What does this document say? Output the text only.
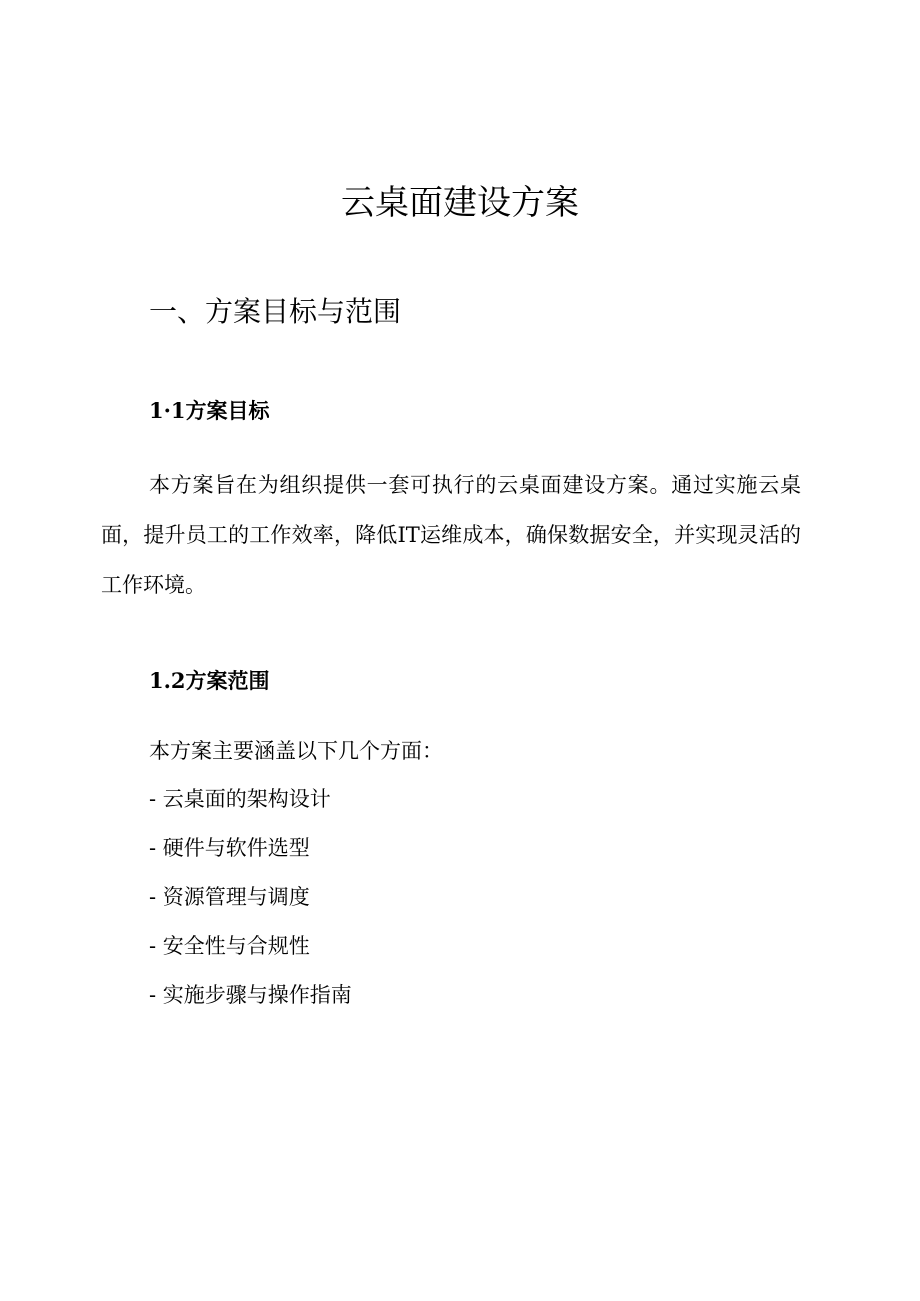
云桌面建设方案
一、方案目标与范围
1·1方案目标

本方案旨在为组织提供一套可执行的云桌面建设方案。通过实施云桌面，提升员工的工作效率，降低IT运维成本，确保数据安全，并实现灵活的工作环境。

1.2方案范围

本方案主要涵盖以下几个方面：

- 云桌面的架构设计
- 硬件与软件选型
- 资源管理与调度
- 安全性与合规性
- 实施步骤与操作指南
